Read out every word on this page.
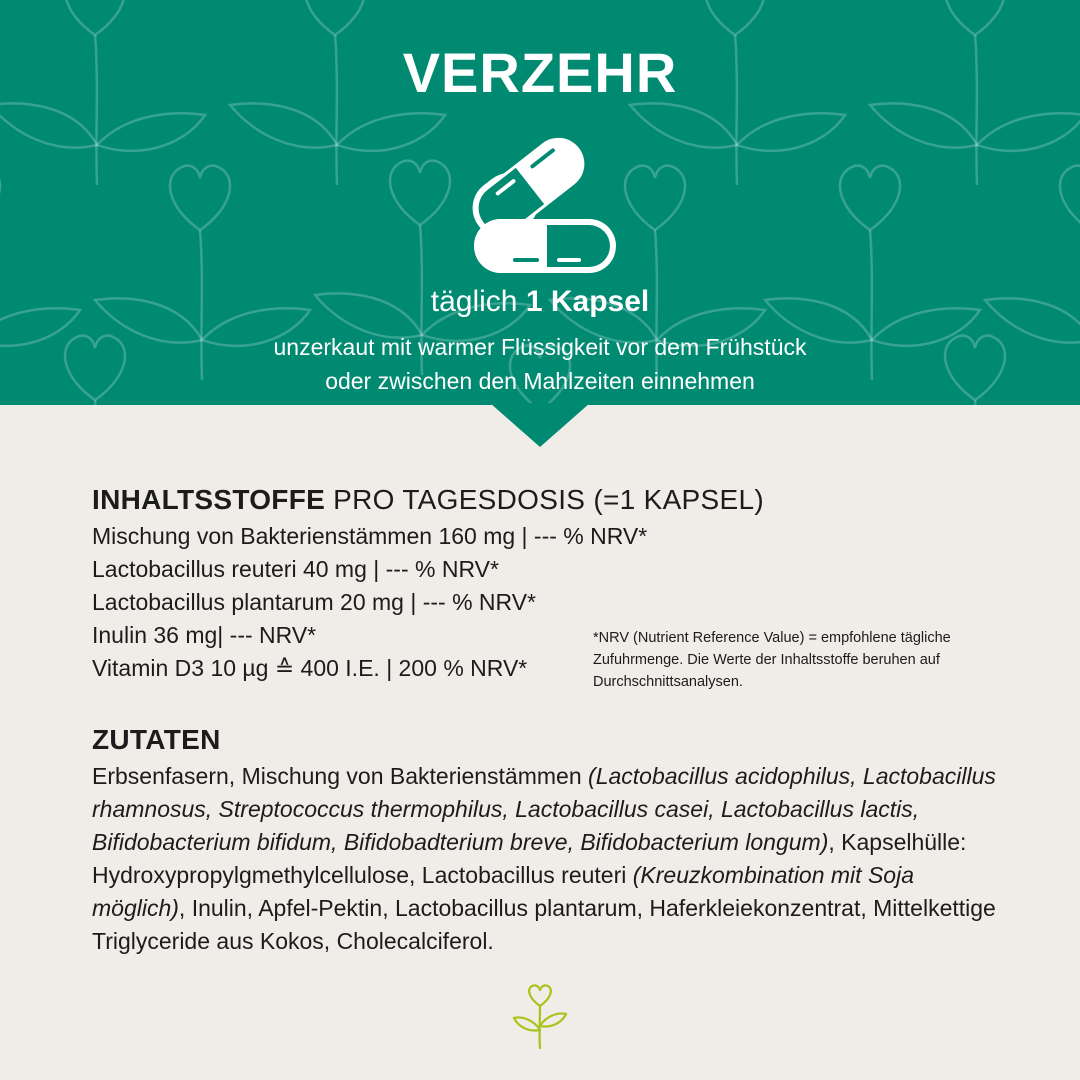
VERZEHR
täglich 1 Kapsel
unzerkaut mit warmer Flüssigkeit vor dem Frühstück
oder zwischen den Mahlzeiten einnehmen
INHALTSSTOFFE PRO TAGESDOSIS (=1 KAPSEL)
Mischung von Bakterienstämmen 160 mg | --- % NRV*
Lactobacillus reuteri 40 mg | --- % NRV*
Lactobacillus plantarum 20 mg | --- % NRV*
Inulin 36 mg| --- NRV*
Vitamin D3 10 µg ≙ 400 I.E. | 200 % NRV*
*NRV (Nutrient Reference Value) = empfohlene tägliche Zufuhrmenge. Die Werte der Inhaltsstoffe beruhen auf Durchschnittsanalysen.
ZUTATEN

Erbsenfasern, Mischung von Bakterienstämmen (Lactobacillus acidophilus, Lactobacillus rhamnosus, Streptococcus thermophilus, Lactobacillus casei, Lactobacillus lactis, Bifidobacterium bifidum, Bifidobadterium breve, Bifidobacterium longum), Kapselhülle: Hydroxypropylgmethylcellulose, Lactobacillus reuteri (Kreuzkombination mit Soja möglich), Inulin, Apfel-Pektin, Lactobacillus plantarum, Haferkleiekonzentrat, Mittelkettige Triglyceride aus Kokos, Cholecalciferol.
